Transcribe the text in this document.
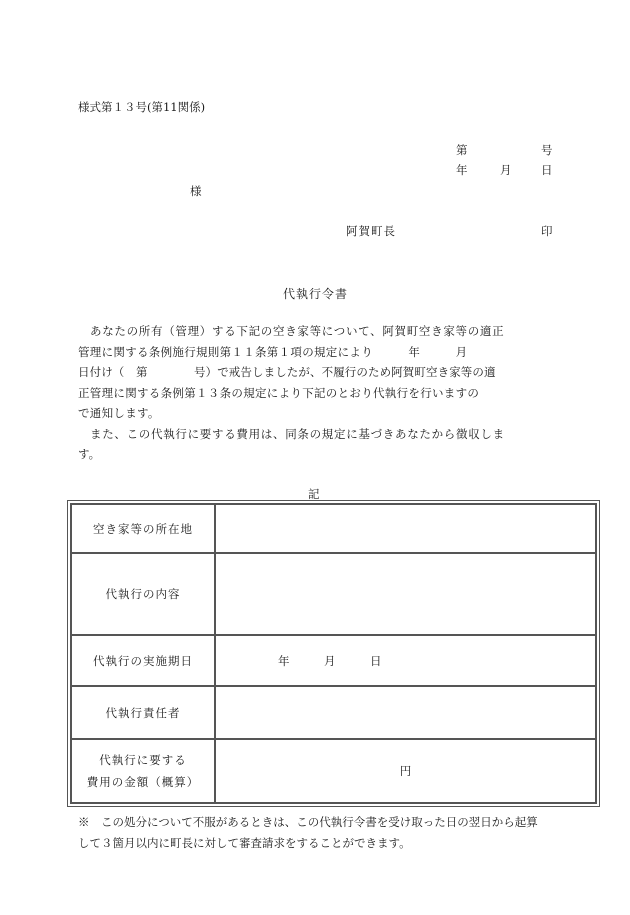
様式第１３号(第11関係)
第	号
年	月	日
様
阿賀町長	印
代執行令書
あなたの所有（管理）する下記の空き家等について、阿賀町空き家等の適正
管理に関する条例施行規則第１１条第１項の規定により　　　年　　　月
日付け（　第　　　　号）で戒告しましたが、不履行のため阿賀町空き家等の適
正管理に関する条例第１３条の規定により下記のとおり代執行を行いますの
で通知します。
また、この代執行に要する費用は、同条の規定に基づきあなたから徴収しま
す。
記
空き家等の所在地	
代執行の内容	
代執行の実施期日	年　　　月　　　日
代執行責任者	

代執行に要する
費用の金額（概算）	円
※　 この処分について不服があるときは、この代執行令書を受け取った日の翌日から起算
して３箇月以内に町長に対して審査請求をすることができます。
